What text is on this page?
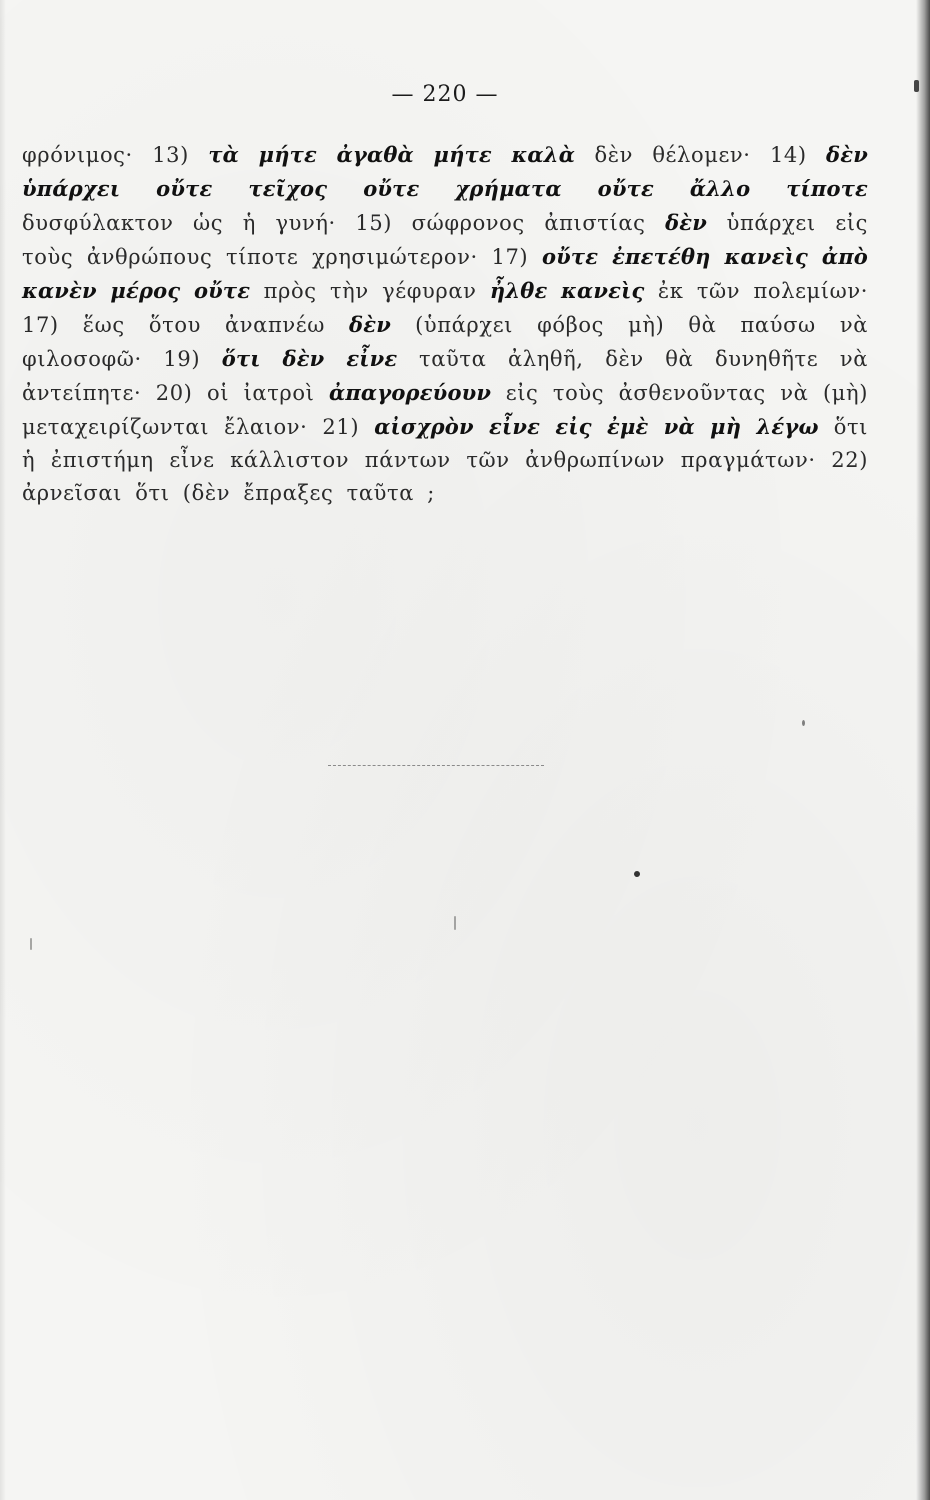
— 220 —

φρόνιμος· 13) τὰ μήτε ἀγαθὰ μήτε καλὰ δὲν θέλομεν· 14) δὲν ὑπάρχει οὔτε τεῖχος οὔτε χρήματα οὔτε ἄλλο τίποτε δυσφύλακτον ὡς ἡ γυνή· 15) σώφρονος ἀπιστίας δὲν ὑπάρχει εἰς τοὺς ἀνθρώπους τίποτε χρησιμώτερον· 17) οὔτε ἐπετέθη κανεὶς ἀπὸ κανὲν μέρος οὔτε πρὸς τὴν γέφυραν ἦλθε κανεὶς ἐκ τῶν πολεμίων· 17) ἕως ὅτου ἀναπνέω δὲν (ὑπάρχει φόβος μὴ) θὰ παύσω νὰ φιλοσοφῶ· 19) ὅτι δὲν εἶνε ταῦτα ἀληθῆ, δὲν θὰ δυνηθῆτε νὰ ἀντείπητε· 20) οἱ ἰατροὶ ἀπαγορεύουν εἰς τοὺς ἀσθενοῦντας νὰ (μὴ) μεταχειρίζωνται ἔλαιον· 21) αἰσχρὸν εἶνε εἰς ἐμὲ νὰ μὴ λέγω ὅτι ἡ ἐπιστήμη εἶνε κάλλιστον πάντων τῶν ἀνθρωπίνων πραγμάτων· 22) ἀρνεῖσαι ὅτι (δὲν ἔπραξες ταῦτα ;
